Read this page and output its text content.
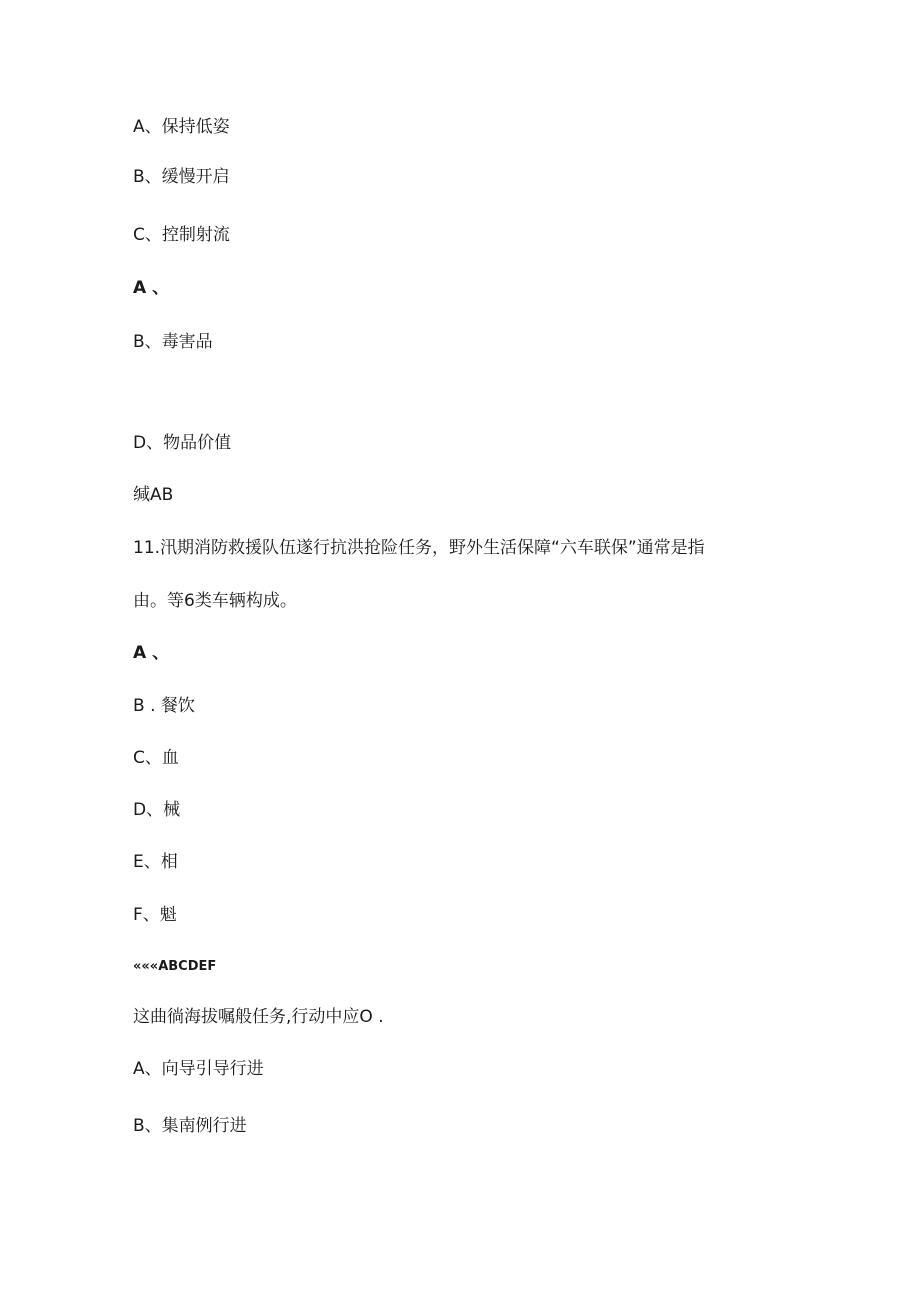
A、保持低姿
B、缓慢开启
C、控制射流
A 、
B、毒害品
D、物品价值
缄AB
11.汛期消防救援队伍遂行抗洪抢险任务，野外生活保障“六车联保”通常是指
由。等6类车辆构成。
A 、
B . 餐饮
C、血
D、械
E、相
F、魁
«««ABCDEF
这曲徜海拔嘱般任务,行动中应O .
A、向导引导行进
B、集南例行进
